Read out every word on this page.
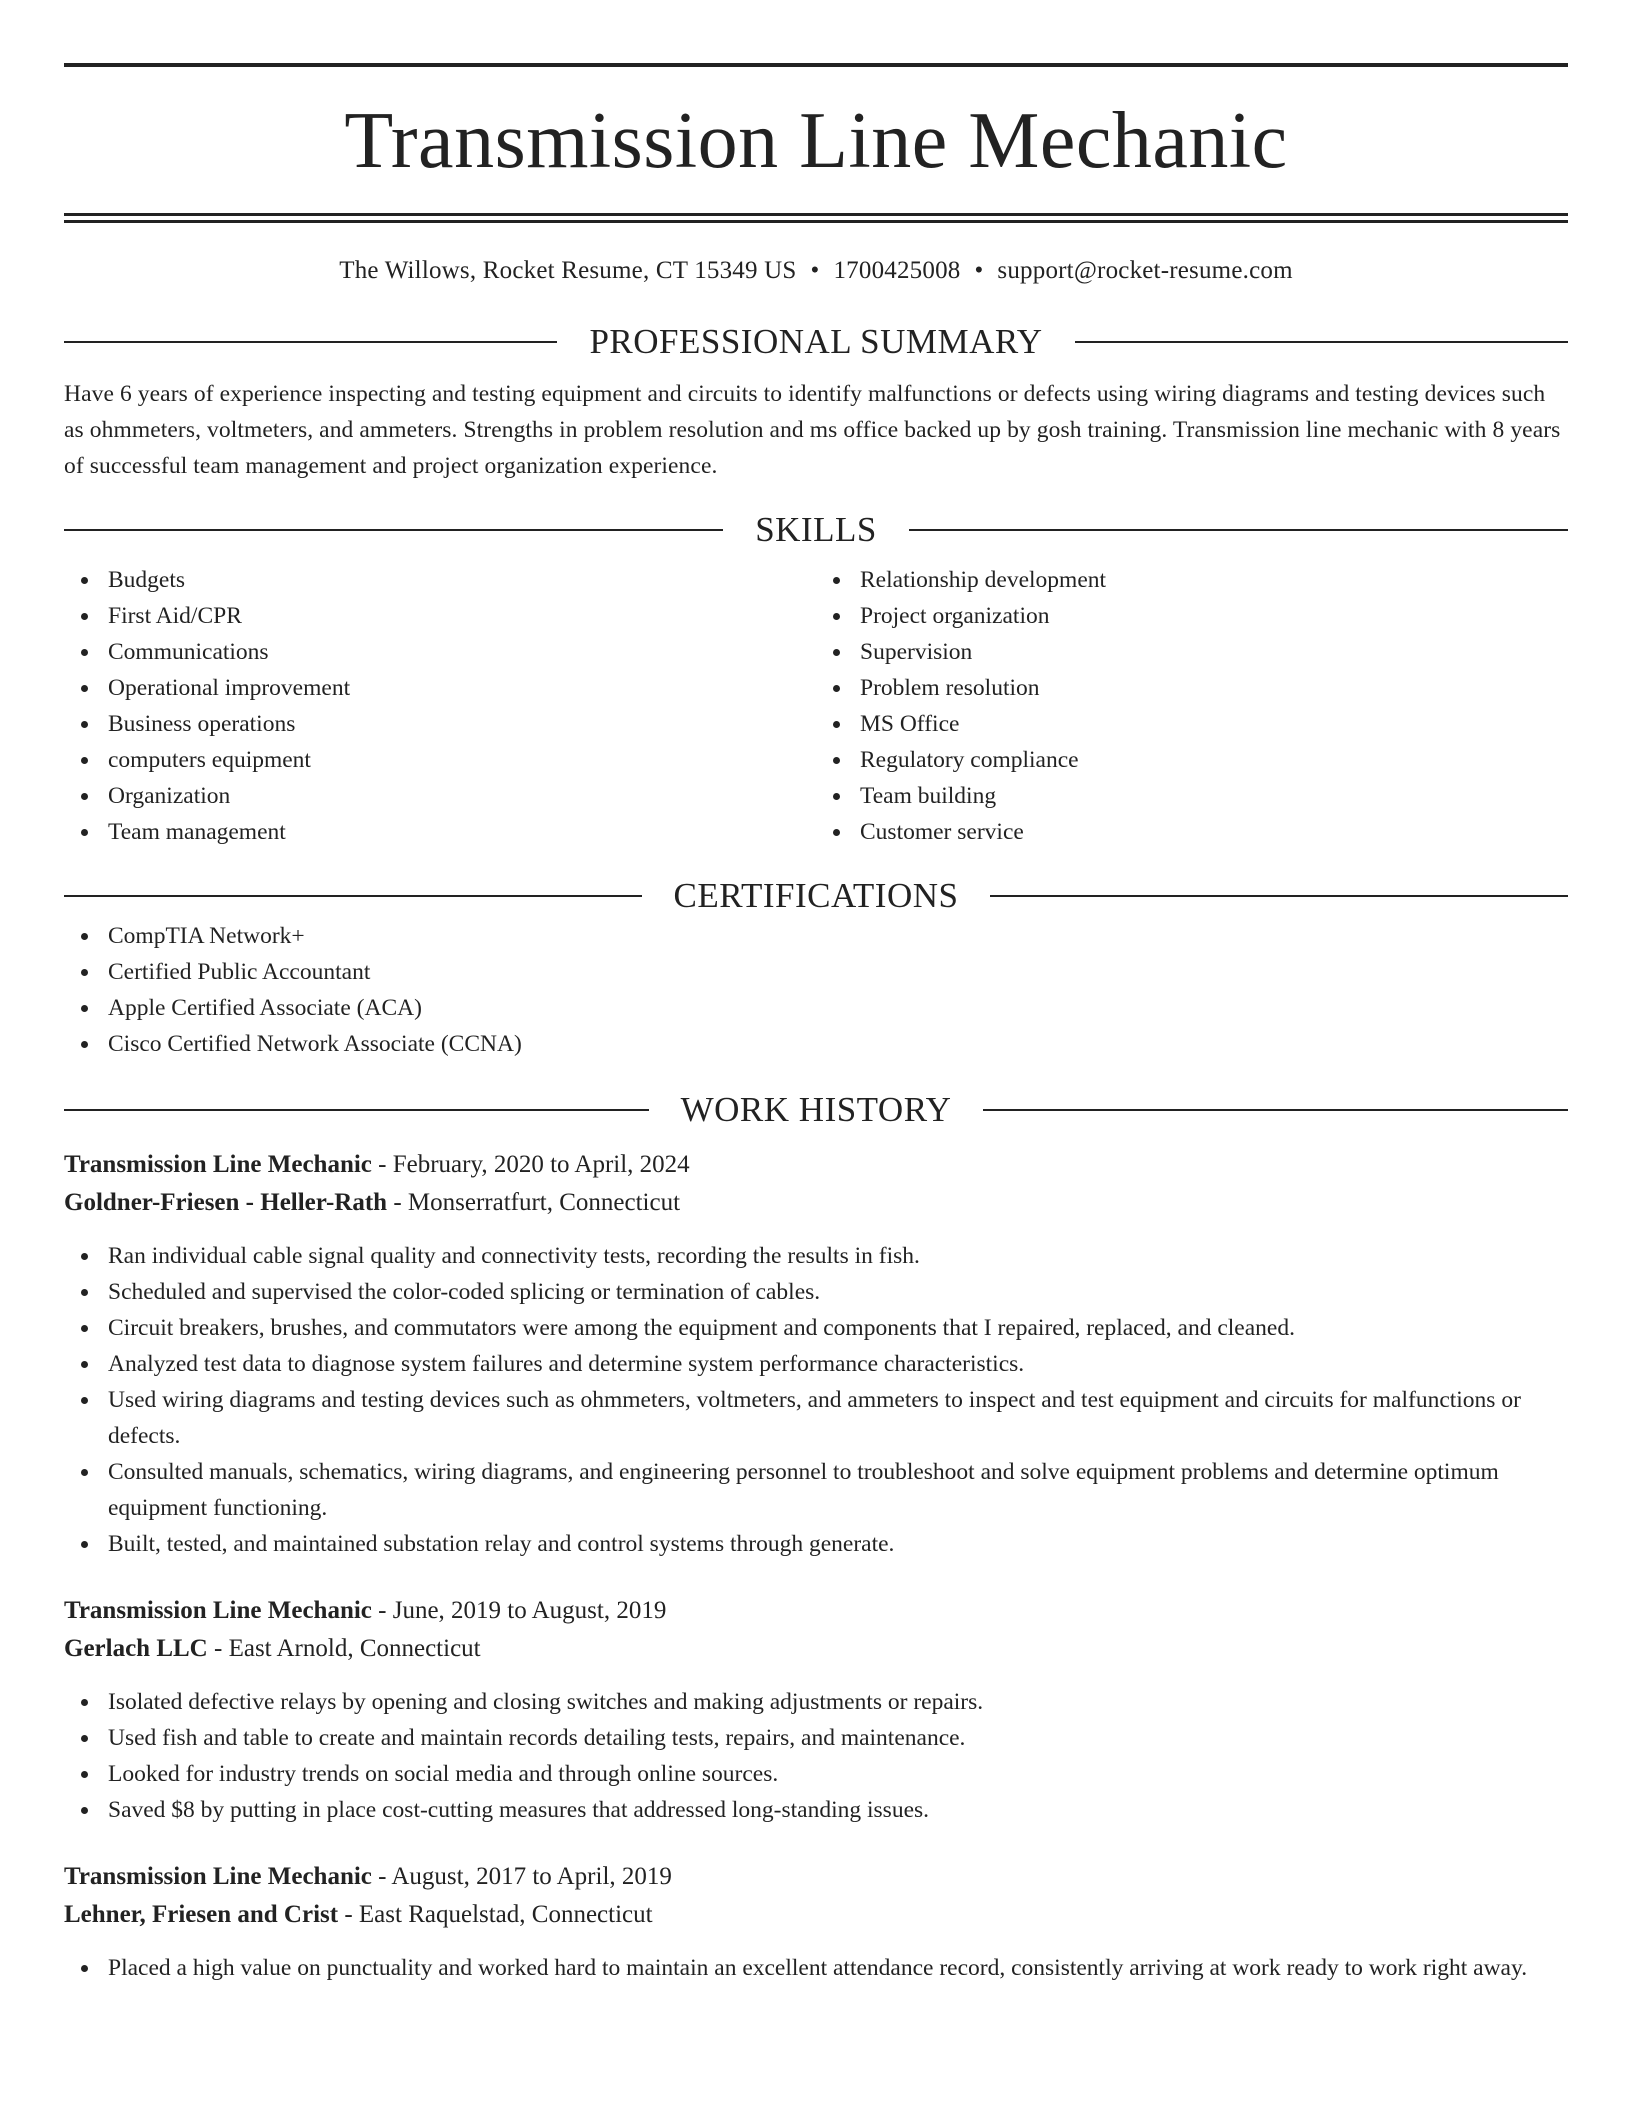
Transmission Line Mechanic
The Willows, Rocket Resume, CT 15349 US • 1700425008 • support@rocket-resume.com
PROFESSIONAL SUMMARY
Have 6 years of experience inspecting and testing equipment and circuits to identify malfunctions or defects using wiring diagrams and testing devices such as ohmmeters, voltmeters, and ammeters. Strengths in problem resolution and ms office backed up by gosh training. Transmission line mechanic with 8 years of successful team management and project organization experience.
SKILLS
Budgets
First Aid/CPR
Communications
Operational improvement
Business operations
computers equipment
Organization
Team management
Relationship development
Project organization
Supervision
Problem resolution
MS Office
Regulatory compliance
Team building
Customer service
CERTIFICATIONS
CompTIA Network+
Certified Public Accountant
Apple Certified Associate (ACA)
Cisco Certified Network Associate (CCNA)
WORK HISTORY
Transmission Line Mechanic - February, 2020 to April, 2024
Goldner-Friesen - Heller-Rath - Monserratfurt, Connecticut
Ran individual cable signal quality and connectivity tests, recording the results in fish.
Scheduled and supervised the color-coded splicing or termination of cables.
Circuit breakers, brushes, and commutators were among the equipment and components that I repaired, replaced, and cleaned.
Analyzed test data to diagnose system failures and determine system performance characteristics.
Used wiring diagrams and testing devices such as ohmmeters, voltmeters, and ammeters to inspect and test equipment and circuits for malfunctions or defects.
Consulted manuals, schematics, wiring diagrams, and engineering personnel to troubleshoot and solve equipment problems and determine optimum equipment functioning.
Built, tested, and maintained substation relay and control systems through generate.
Transmission Line Mechanic - June, 2019 to August, 2019
Gerlach LLC - East Arnold, Connecticut
Isolated defective relays by opening and closing switches and making adjustments or repairs.
Used fish and table to create and maintain records detailing tests, repairs, and maintenance.
Looked for industry trends on social media and through online sources.
Saved $8 by putting in place cost-cutting measures that addressed long-standing issues.
Transmission Line Mechanic - August, 2017 to April, 2019
Lehner, Friesen and Crist - East Raquelstad, Connecticut
Placed a high value on punctuality and worked hard to maintain an excellent attendance record, consistently arriving at work ready to work right away.
